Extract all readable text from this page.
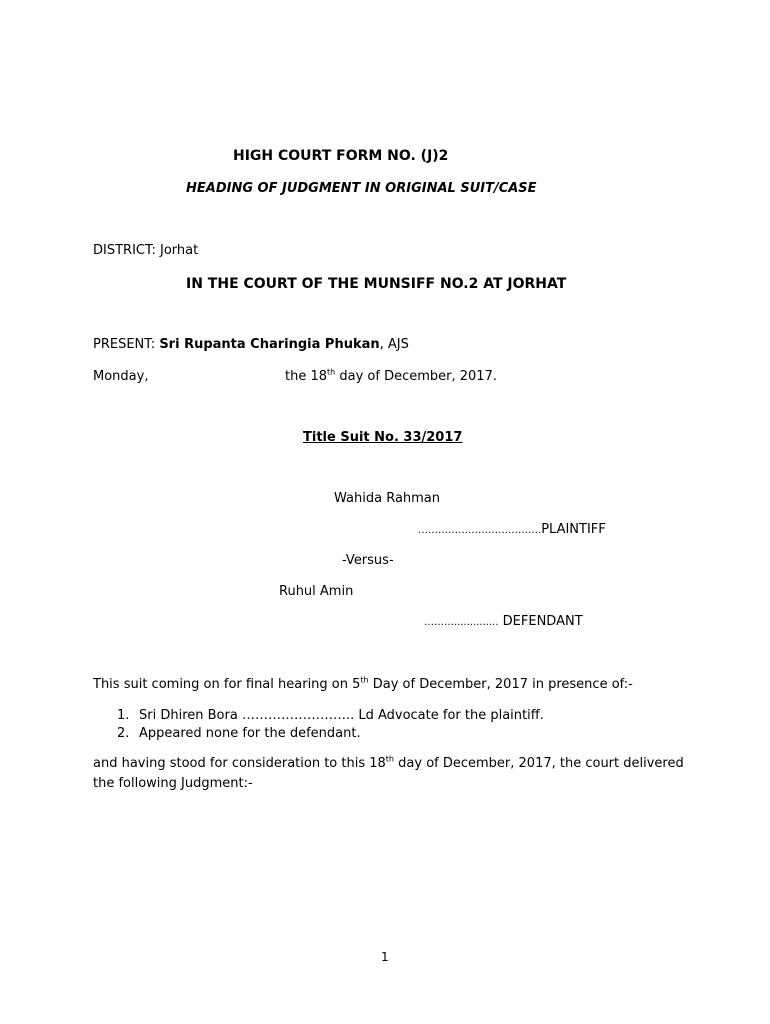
HIGH COURT FORM NO. (J)2
HEADING OF JUDGMENT IN ORIGINAL SUIT/CASE
DISTRICT: Jorhat
IN THE COURT OF THE MUNSIFF NO.2 AT JORHAT
PRESENT: Sri Rupanta Charingia Phukan, AJS
Monday,	the 18th day of December, 2017.
Title Suit No. 33/2017
Wahida Rahman
……………………………….PLAINTIFF
-Versus-
Ruhul Amin
……….............. DEFENDANT
This suit coming on for final hearing on 5th Day of December, 2017 in presence of:-
1. Sri Dhiren Bora …………………….. Ld Advocate for the plaintiff.
2. Appeared none for the defendant.
and having stood for consideration to this 18th day of December, 2017, the court delivered
the following Judgment:-
1
